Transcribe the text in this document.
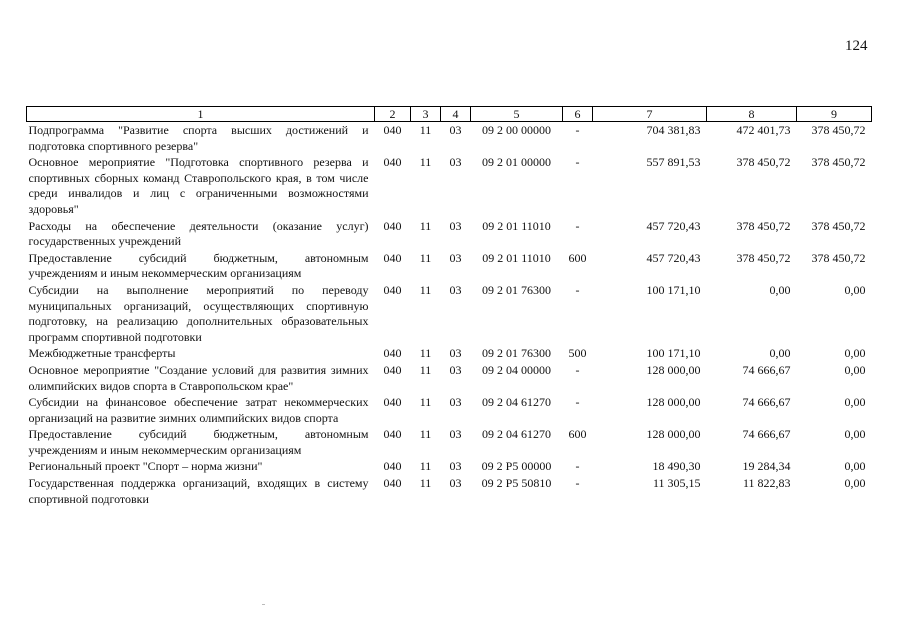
124
1	2	3	4	5	6	7	8	9
Подпрограмма "Развитие спорта высших достижений и подготовка спортивного резерва"	040	11	03	09 2 00 00000	-	704 381,83	472 401,73	378 450,72
Основное мероприятие "Подготовка спортивного резерва и спортивных сборных команд Ставропольского края, в том числе среди инвалидов и лиц с ограниченными возможностями здоровья"	040	11	03	09 2 01 00000	-	557 891,53	378 450,72	378 450,72
Расходы на обеспечение деятельности (оказание услуг) государственных учреждений	040	11	03	09 2 01 11010	-	457 720,43	378 450,72	378 450,72
Предоставление субсидий бюджетным, автономным учреждениям и иным некоммерческим организациям	040	11	03	09 2 01 11010	600	457 720,43	378 450,72	378 450,72
Субсидии на выполнение мероприятий по переводу муниципальных организаций, осуществляющих спортивную подготовку, на реализацию дополнительных образовательных программ спортивной подготовки	040	11	03	09 2 01 76300	-	100 171,10	0,00	0,00
Межбюджетные трансферты	040	11	03	09 2 01 76300	500	100 171,10	0,00	0,00
Основное мероприятие "Создание условий для развития зимних олимпийских видов спорта в Ставропольском крае"	040	11	03	09 2 04 00000	-	128 000,00	74 666,67	0,00
Субсидии на финансовое обеспечение затрат некоммерческих организаций на развитие зимних олимпийских видов спорта	040	11	03	09 2 04 61270	-	128 000,00	74 666,67	0,00
Предоставление субсидий бюджетным, автономным учреждениям и иным некоммерческим организациям	040	11	03	09 2 04 61270	600	128 000,00	74 666,67	0,00
Региональный проект "Спорт – норма жизни"	040	11	03	09 2 P5 00000	-	18 490,30	19 284,34	0,00
Государственная поддержка организаций, входящих в систему спортивной подготовки	040	11	03	09 2 P5 50810	-	11 305,15	11 822,83	0,00
